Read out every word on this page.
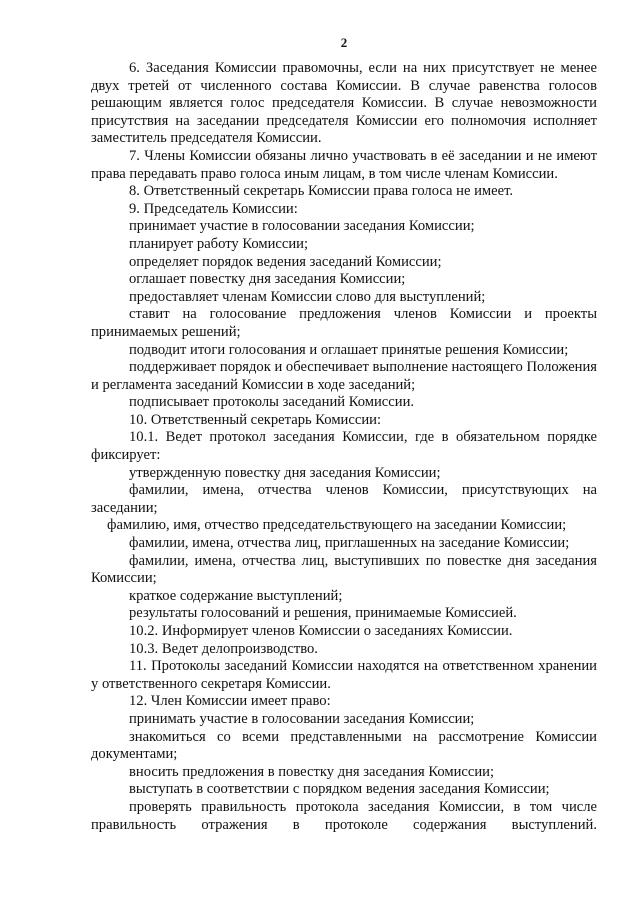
2

6. Заседания Комиссии правомочны, если на них присутствует не менее двух третей от численного состава Комиссии. В случае равенства голосов решающим является голос председателя Комиссии. В случае невозможности присутствия на заседании председателя Комиссии его полномочия исполняет заместитель председателя Комиссии.

7. Члены Комиссии обязаны лично участвовать в её заседании и не имеют права передавать право голоса иным лицам, в том числе членам Комиссии.

8. Ответственный секретарь Комиссии права голоса не имеет.

9. Председатель Комиссии:

принимает участие в голосовании заседания Комиссии;

планирует работу Комиссии;

определяет порядок ведения заседаний Комиссии;

оглашает повестку дня заседания Комиссии;

предоставляет членам Комиссии слово для выступлений;

ставит на голосование предложения членов Комиссии и проекты принимаемых решений;

подводит итоги голосования и оглашает принятые решения Комиссии;

поддерживает порядок и обеспечивает выполнение настоящего Положения и регламента заседаний Комиссии в ходе заседаний;

подписывает протоколы заседаний Комиссии.

10. Ответственный секретарь Комиссии:

10.1. Ведет протокол заседания Комиссии, где в обязательном порядке фиксирует:

утвержденную повестку дня заседания Комиссии;

фамилии, имена, отчества членов Комиссии, присутствующих на заседании;

фамилию, имя, отчество председательствующего на заседании Комиссии;

фамилии, имена, отчества лиц, приглашенных на заседание Комиссии;

фамилии, имена, отчества лиц, выступивших по повестке дня заседания Комиссии;

краткое содержание выступлений;

результаты голосований и решения, принимаемые Комиссией.

10.2. Информирует членов Комиссии о заседаниях Комиссии.

10.3. Ведет делопроизводство.

11. Протоколы заседаний Комиссии находятся на ответственном хранении у ответственного секретаря Комиссии.

12. Член Комиссии имеет право:

принимать участие в голосовании заседания Комиссии;

знакомиться со всеми представленными на рассмотрение Комиссии документами;

вносить предложения в повестку дня заседания Комиссии;

выступать в соответствии с порядком ведения заседания Комиссии;

проверять правильность протокола заседания Комиссии, в том числе правильность отражения в протоколе содержания выступлений.
